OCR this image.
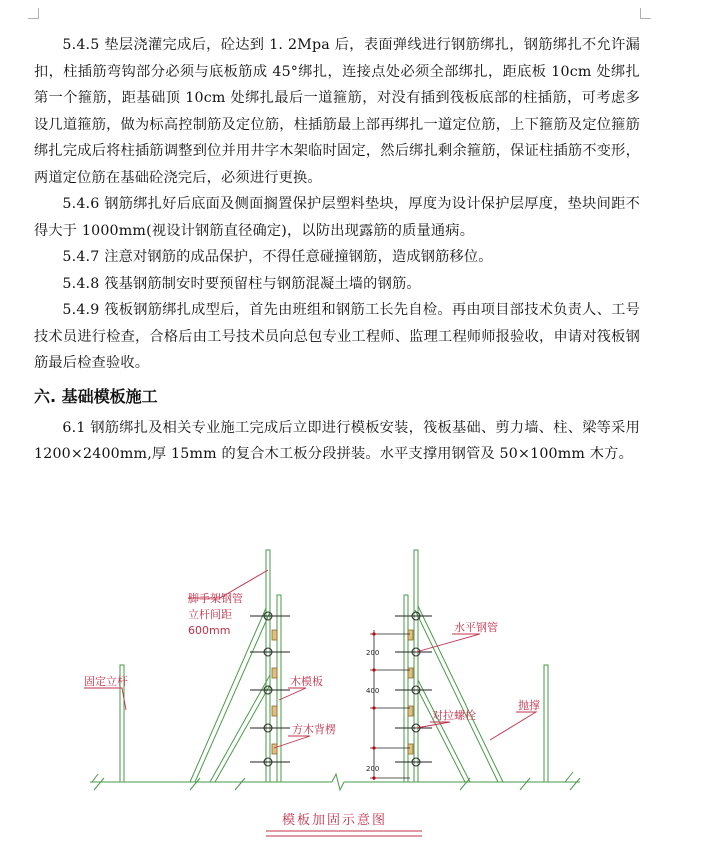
5.4.5 垫层浇灌完成后，砼达到 1. 2Mpa 后，表面弹线进行钢筋绑扎，钢筋绑扎不允许漏扣，柱插筋弯钩部分必须与底板筋成 45°绑扎，连接点处必须全部绑扎，距底板 10cm 处绑扎第一个箍筋，距基础顶 10cm 处绑扎最后一道箍筋，对没有插到筏板底部的柱插筋，可考虑多设几道箍筋，做为标高控制筋及定位筋，柱插筋最上部再绑扎一道定位筋，上下箍筋及定位箍筋绑扎完成后将柱插筋调整到位并用井字木架临时固定，然后绑扎剩余箍筋，保证柱插筋不变形，两道定位筋在基础砼浇完后，必须进行更换。

5.4.6 钢筋绑扎好后底面及侧面搁置保护层塑料垫块，厚度为设计保护层厚度，垫块间距不得大于 1000mm(视设计钢筋直径确定)，以防出现露筋的质量通病。

5.4.7 注意对钢筋的成品保护，不得任意碰撞钢筋，造成钢筋移位。

5.4.8 筏基钢筋制安时要预留柱与钢筋混凝土墙的钢筋。

5.4.9 筏板钢筋绑扎成型后，首先由班组和钢筋工长先自检。再由项目部技术负责人、工号技术员进行检查，合格后由工号技术员向总包专业工程师、监理工程师师报验收，申请对筏板钢筋最后检查验收。

六. 基础模板施工

6.1 钢筋绑扎及相关专业施工完成后立即进行模板安装，筏板基础、剪力墙、柱、梁等采用 1200×2400mm,厚 15mm 的复合木工板分段拼装。水平支撑用钢管及 50×100mm 木方。

200
400
200
脚手架钢管
立杆间距
600mm
固定立杆	木模板
方木背楞
水平钢管
对拉螺栓
抛撑
模板加固示意图
